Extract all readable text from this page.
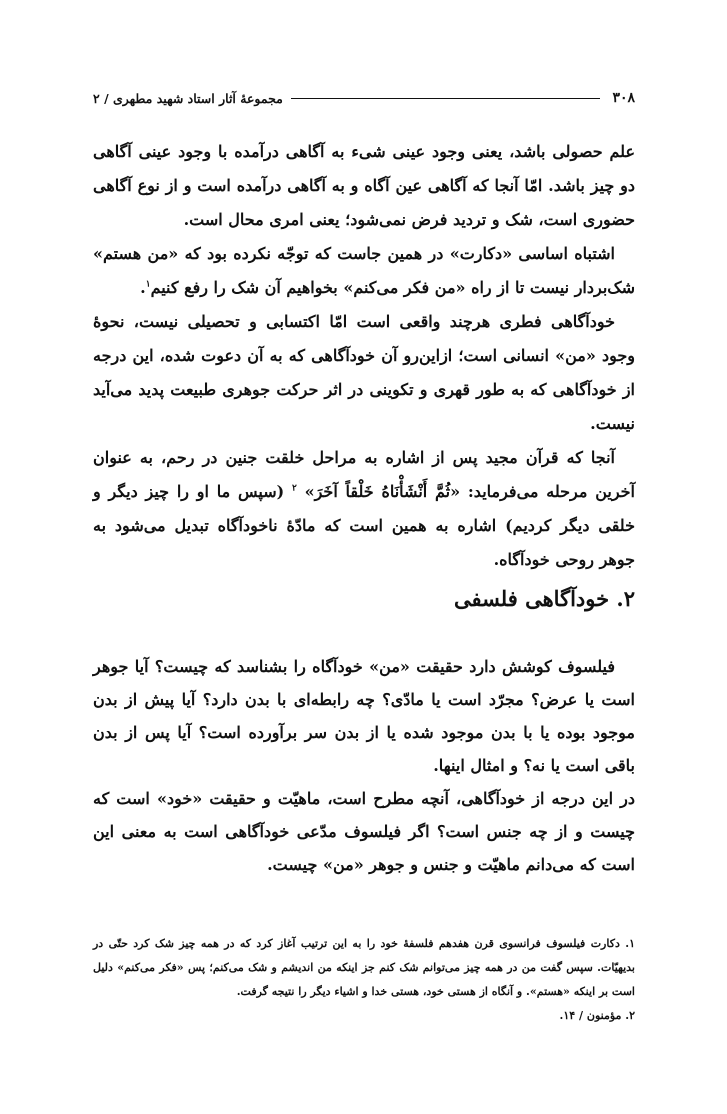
۳۰۸
مجموعهٔ آثار استاد شهید مطهری / ۲

علم حصولی باشد، یعنی وجود عینی شیء به آگاهی درآمده با وجود عینی آگاهی دو چیز باشد. امّا آنجا که آگاهی عین آگاه و به آگاهی درآمده است و از نوع آگاهی حضوری است، شک و تردید فرض نمی‌شود؛ یعنی امری محال است.

اشتباه اساسی «دکارت» در همین جاست که توجّه نکرده بود که «من هستم» شک‌بردار نیست تا از راه «من فکر می‌کنم» بخواهیم آن شک را رفع کنیم$^۱$.

خودآگاهی فطری هرچند واقعی است امّا اکتسابی و تحصیلی نیست، نحوهٔ وجود «من» انسانی است؛ ازاین‌رو آن خودآگاهی که به آن دعوت شده، این درجه از خودآگاهی که به طور قهری و تکوینی در اثر حرکت جوهری طبیعت پدید می‌آید نیست.

آنجا که قرآن مجید پس از اشاره به مراحل خلقت جنین در رحم، به عنوان آخرین مرحله می‌فرماید: «ثُمَّ أَنْشَأْنَاهُ خَلْقاً آخَرَ» $^۲$ (سپس ما او را چیز دیگر و خلقی دیگر کردیم) اشاره به همین است که مادّهٔ ناخودآگاه تبدیل می‌شود به جوهر روحی خودآگاه.

۲. خودآگاهی فلسفی

فیلسوف کوشش دارد حقیقت «من» خودآگاه را بشناسد که چیست؟ آیا جوهر است یا عرض؟ مجرّد است یا مادّی؟ چه رابطه‌ای با بدن دارد؟ آیا پیش از بدن موجود بوده یا با بدن موجود شده یا از بدن سر برآورده است؟ آیا پس از بدن باقی است یا نه؟ و امثال اینها.

در این درجه از خودآگاهی، آنچه مطرح است، ماهیّت و حقیقت «خود» است که چیست و از چه جنس است؟ اگر فیلسوف مدّعی خودآگاهی است به معنی این است که می‌دانم ماهیّت و جنس و جوهر «من» چیست.

۱. دکارت فیلسوف فرانسوی قرن هفدهم فلسفهٔ خود را به این ترتیب آغاز کرد که در همه چیز شک کرد حتّی در بدیهیّات. سپس گفت من در همه چیز می‌توانم شک کنم جز اینکه من اندیشم و شک می‌کنم؛ پس «فکر می‌کنم» دلیل است بر اینکه «هستم». و آنگاه از هستی خود، هستی خدا و اشیاء دیگر را نتیجه گرفت.

۲. مؤمنون / ۱۴.
